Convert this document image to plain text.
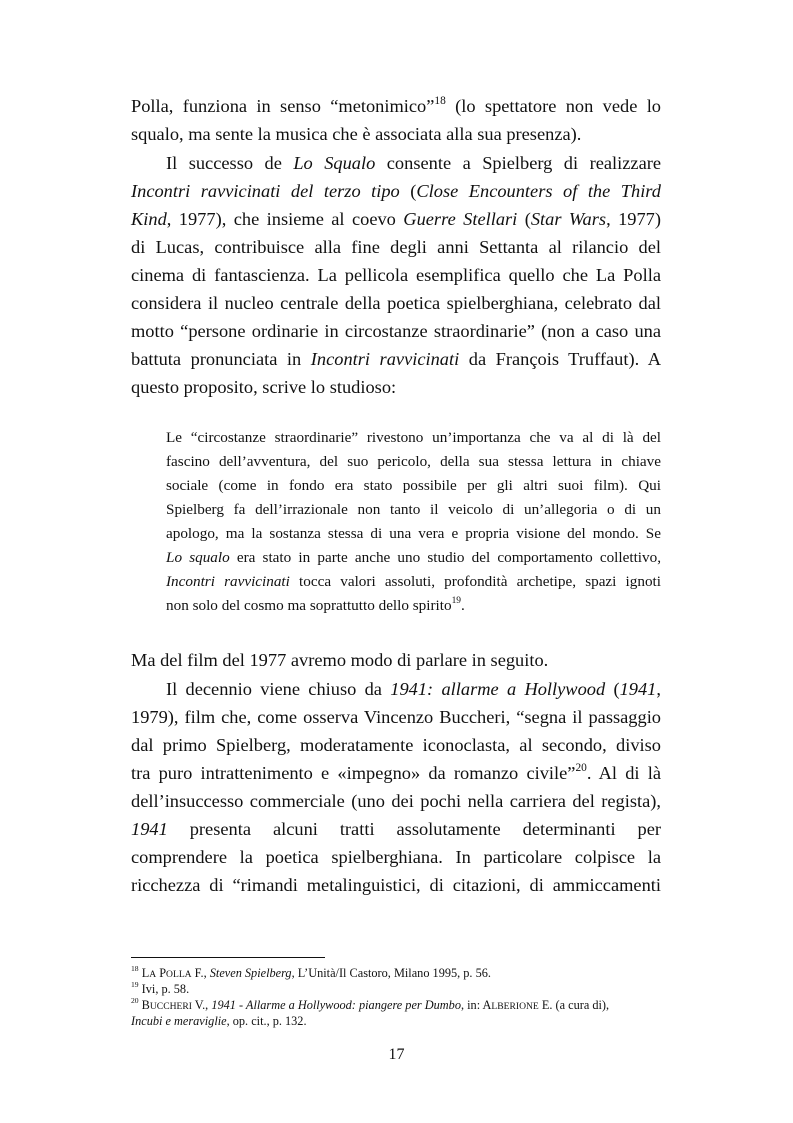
Polla, funziona in senso “metonimico”$^{18}$ (lo spettatore non vede lo
squalo, ma sente la musica che è associata alla sua presenza).
Il successo de Lo Squalo consente a Spielberg di realizzare
Incontri ravvicinati del terzo tipo (Close Encounters of the Third
Kind, 1977), che insieme al coevo Guerre Stellari (Star Wars, 1977)
di Lucas, contribuisce alla fine degli anni Settanta al rilancio del
cinema di fantascienza. La pellicola esemplifica quello che La Polla
considera il nucleo centrale della poetica spielberghiana, celebrato dal
motto “persone ordinarie in circostanze straordinarie” (non a caso una
battuta pronunciata in Incontri ravvicinati da François Truffaut). A
questo proposito, scrive lo studioso:
Le “circostanze straordinarie” rivestono un’importanza che va al di là del
fascino dell’avventura, del suo pericolo, della sua stessa lettura in chiave
sociale (come in fondo era stato possibile per gli altri suoi film). Qui
Spielberg fa dell’irrazionale non tanto il veicolo di un’allegoria o di un
apologo, ma la sostanza stessa di una vera e propria visione del mondo. Se
Lo squalo era stato in parte anche uno studio del comportamento collettivo,
Incontri ravvicinati tocca valori assoluti, profondità archetipe, spazi ignoti
non solo del cosmo ma soprattutto dello spirito$^{19}$.
Ma del film del 1977 avremo modo di parlare in seguito.
Il decennio viene chiuso da 1941: allarme a Hollywood (1941,
1979), film che, come osserva Vincenzo Buccheri, “segna il passaggio
dal primo Spielberg, moderatamente iconoclasta, al secondo, diviso
tra puro intrattenimento e «impegno» da romanzo civile”$^{20}$. Al di là
dell’insuccesso commerciale (uno dei pochi nella carriera del regista),
1941 presenta alcuni tratti assolutamente determinanti per
comprendere la poetica spielberghiana. In particolare colpisce la
ricchezza di “rimandi metalinguistici, di citazioni, di ammiccamenti
$^{18}$ LA POLLA F., Steven Spielberg, L’Unità/Il Castoro, Milano 1995, p. 56.
$^{19}$ Ivi, p. 58.
$^{20}$ BUCCHERI V., 1941 - Allarme a Hollywood: piangere per Dumbo, in: ALBERIONE E. (a cura di),
Incubi e meraviglie, op. cit., p. 132.
17
